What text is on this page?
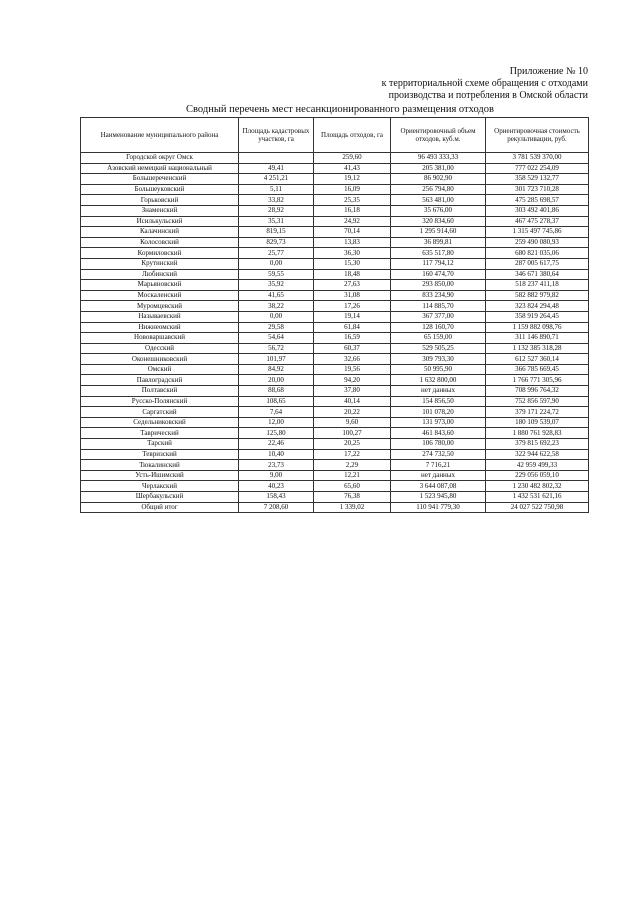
Приложение № 10
к территориальной схеме обращения с отходами
производства и потребления в Омской области
Сводный перечень мест несанкционированного размещения отходов
Наименование муниципального района	Площадь кадастровых участков, га	Площадь отходов, га	Ориентировочный объем отходов, куб.м.	Ориентировочная стоимость рекультивации, руб.
Городской округ Омск		259,60	96 493 333,33	3 781 539 370,00
Азовский немецкий национальный	49,41	41,43	205 381,00	777 022 254,09
Большереченский	4 251,21	19,12	86 902,90	358 529 132,77
Большеуковский	5,11	16,09	256 794,80	301 723 710,28
Горьковский	33,82	25,35	563 481,00	475 285 698,57
Знаменский	28,92	16,18	35 676,00	303 492 401,86
Исилькульский	35,31	24,92	320 834,60	467 475 278,37
Калачинский	819,15	70,14	1 295 914,60	1 315 497 745,86
Колосовский	829,73	13,83	36 899,81	259 490 080,93
Кормиловский	25,77	36,30	635 517,80	680 821 035,06
Крутинский	0,00	15,30	117 794,12	287 005 617,75
Любинский	59,55	18,48	160 474,70	346 671 380,64
Марьяновский	35,92	27,63	293 850,00	518 237 411,18
Москаленский	41,65	31,08	833 234,90	582 882 979,82
Муромцевский	38,22	17,26	114 885,70	323 824 294,48
Называевский	0,00	19,14	367 377,00	358 919 264,45
Нижнеомский	29,58	61,84	128 160,70	1 159 882 098,76
Нововаршавский	54,64	16,59	65 159,00	311 146 890,71
Одесский	56,72	60,37	529 505,25	1 132 385 318,28
Оконешниковский	101,97	32,66	309 793,30	612 527 360,14
Омский	84,92	19,56	50 995,90	366 785 669,45
Павлоградский	20,00	94,20	1 632 800,00	1 766 771 305,96
Полтавский	88,68	37,80	нет данных	708 996 764,32
Русско-Полянский	108,65	40,14	154 856,50	752 856 597,90
Саргатский	7,64	20,22	101 078,20	379 171 224,72
Седельниковский	12,00	9,60	131 973,00	180 109 539,07
Таврический	125,80	100,27	461 843,60	1 880 761 928,83
Тарский	22,46	20,25	106 780,00	379 815 692,23
Тевризский	10,40	17,22	274 732,50	322 944 622,58
Тюкалинский	23,73	2,29	7 716,21	42 959 499,33
Усть-Ишимский	9,00	12,21	нет данных	229 056 059,10
Черлакский	40,23	65,60	3 644 087,08	1 230 482 802,32
Шербакульский	158,43	76,38	1 523 945,80	1 432 531 621,16
Общий итог	7 208,60	1 339,02	110 941 779,30	24 027 522 750,98
